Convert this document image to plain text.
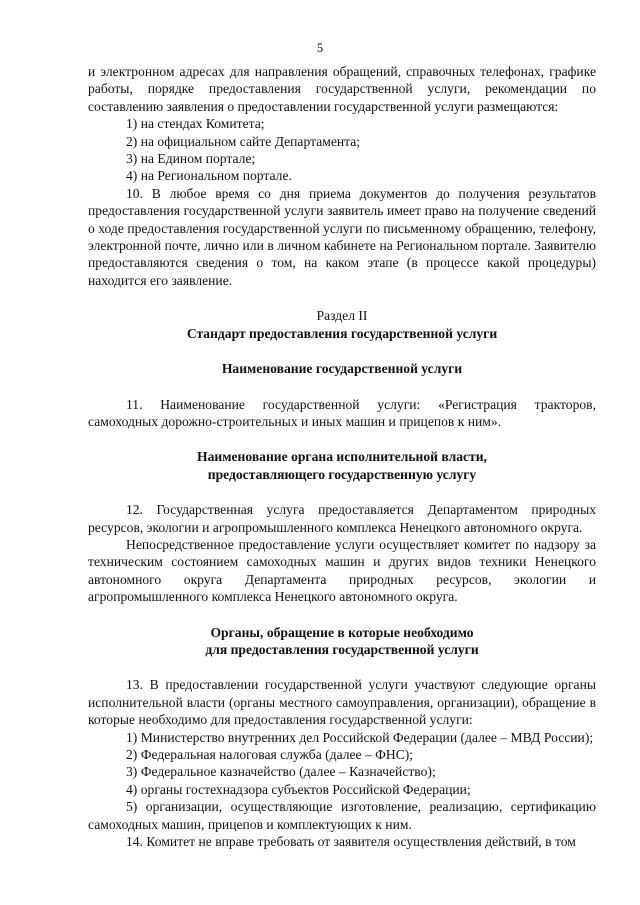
5

и электронном адресах для направления обращений, справочных телефонах, графике работы, порядке предоставления государственной услуги, рекомендации по составлению заявления о предоставлении государственной услуги размещаются:

1) на стендах Комитета;

2) на официальном сайте Департамента;

3) на Едином портале;

4) на Региональном портале.

10. В любое время со дня приема документов до получения результатов предоставления государственной услуги заявитель имеет право на получение сведений о ходе предоставления государственной услуги по письменному обращению, телефону, электронной почте, лично или в личном кабинете на Региональном портале. Заявителю предоставляются сведения о том, на каком этапе (в процессе какой процедуры) находится его заявление.

Раздел II

Стандарт предоставления государственной услуги

Наименование государственной услуги

11. Наименование государственной услуги: «Регистрация тракторов, самоходных дорожно-строительных и иных машин и прицепов к ним».

Наименование органа исполнительной власти,

предоставляющего государственную услугу

12. Государственная услуга предоставляется Департаментом природных ресурсов, экологии и агропромышленного комплекса Ненецкого автономного округа.

Непосредственное предоставление услуги осуществляет комитет по надзору за техническим состоянием самоходных машин и других видов техники Ненецкого автономного округа Департамента природных ресурсов, экологии и агропромышленного комплекса Ненецкого автономного округа.

Органы, обращение в которые необходимо

для предоставления государственной услуги

13. В предоставлении государственной услуги участвуют следующие органы исполнительной власти (органы местного самоуправления, организации), обращение в которые необходимо для предоставления государственной услуги:

1) Министерство внутренних дел Российской Федерации (далее – МВД России);

2) Федеральная налоговая служба (далее – ФНС);

3) Федеральное казначейство (далее – Казначейство);

4) органы гостехнадзора субъектов Российской Федерации;

5) организации, осуществляющие изготовление, реализацию, сертификацию самоходных машин, прицепов и комплектующих к ним.

14. Комитет не вправе требовать от заявителя осуществления действий, в том
